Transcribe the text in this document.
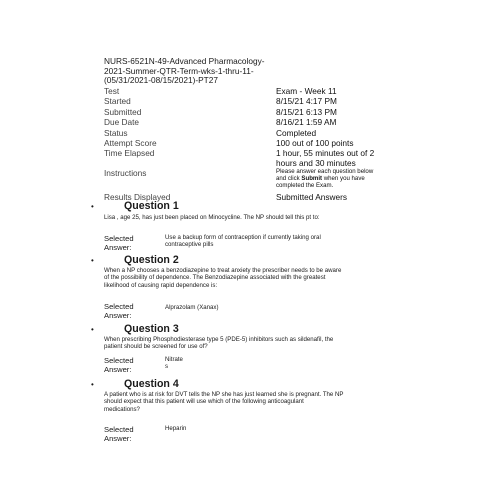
NURS-6521N-49-Advanced Pharmacology-
2021-Summer-QTR-Term-wks-1-thru-11-
(05/31/2021-08/15/2021)-PT27
Test	Exam - Week 11
Started	8/15/21 4:17 PM
Submitted	8/15/21 6:13 PM
Due Date	8/16/21 1:59 AM
Status	Completed
Attempt Score	100 out of 100 points
Time Elapsed	1 hour, 55 minutes out of 2
hours and 30 minutes
Instructions	Please answer each question below
and click Submit when you have
completed the Exam.
Results Displayed	Submitted Answers
•	Question 1
Lisa , age 25, has just been placed on Minocycline. The NP should tell this pt to:
Selected
Answer:
Use a backup form of contraception if currently taking oral
contraceptive pills
•	Question 2
When a NP chooses a benzodiazepine to treat anxiety the prescriber needs to be aware
of the possibility of dependence. The Benzodiazepine associated with the greatest
likelihood of causing rapid dependence is:
Selected
Answer:
Alprazolam (Xanax)
•	Question 3
When prescribing Phosphodiesterase type 5 (PDE-5) inhibitors such as sildenafil, the
patient should be screened for use of?
Selected
Answer:
Nitrate
s
•	Question 4
A patient who is at risk for DVT tells the NP she has just learned she is pregnant. The NP
should expect that this patient will use which of the following anticoagulant
medications?
Selected
Answer:
Heparin
